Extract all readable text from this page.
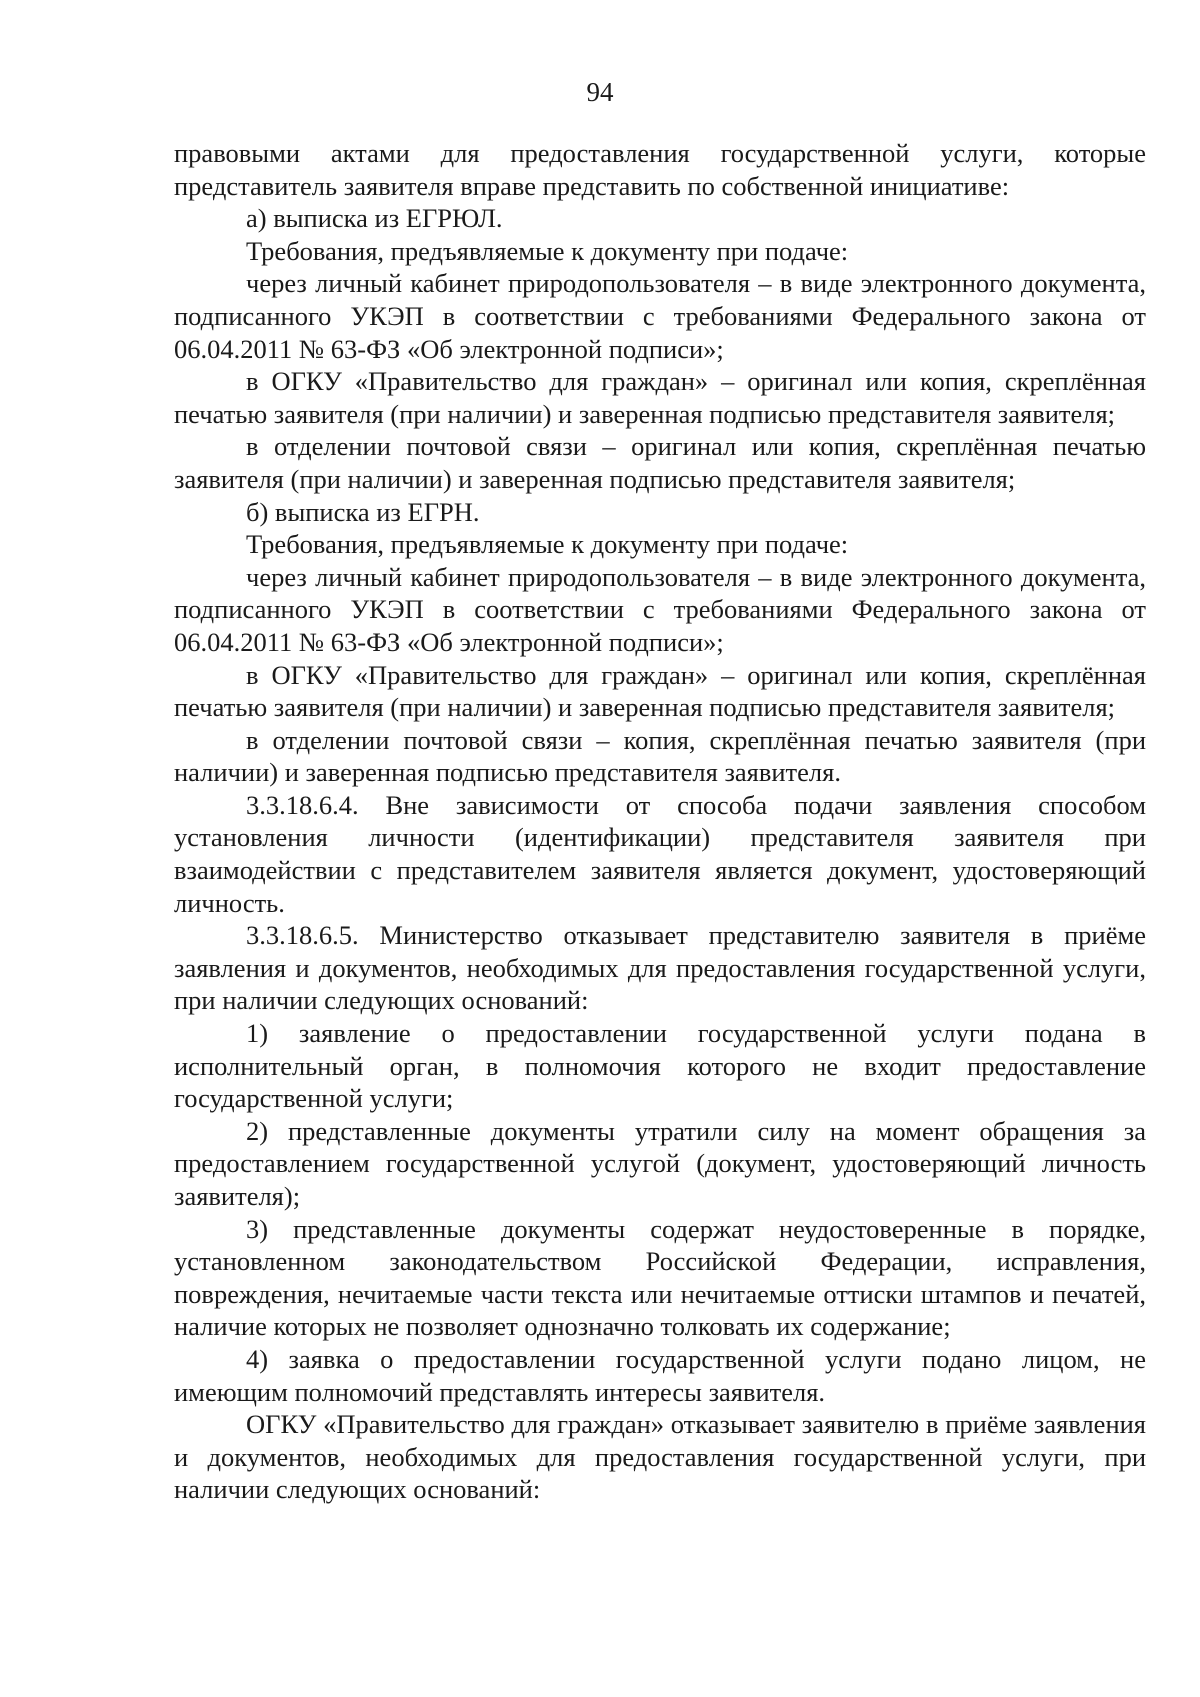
94

правовыми актами для предоставления государственной услуги, которые представитель заявителя вправе представить по собственной инициативе:

а) выписка из ЕГРЮЛ.

Требования, предъявляемые к документу при подаче:

через личный кабинет природопользователя – в виде электронного документа, подписанного УКЭП в соответствии с требованиями Федерального закона от 06.04.2011 № 63-ФЗ «Об электронной подписи»;

в ОГКУ «Правительство для граждан» – оригинал или копия, скреплённая печатью заявителя (при наличии) и заверенная подписью представителя заявителя;

в отделении почтовой связи – оригинал или копия, скреплённая печатью заявителя (при наличии) и заверенная подписью представителя заявителя;

б) выписка из ЕГРН.

Требования, предъявляемые к документу при подаче:

через личный кабинет природопользователя – в виде электронного документа, подписанного УКЭП в соответствии с требованиями Федерального закона от 06.04.2011 № 63-ФЗ «Об электронной подписи»;

в ОГКУ «Правительство для граждан» – оригинал или копия, скреплённая печатью заявителя (при наличии) и заверенная подписью представителя заявителя;

в отделении почтовой связи – копия, скреплённая печатью заявителя (при наличии) и заверенная подписью представителя заявителя.

3.3.18.6.4. Вне зависимости от способа подачи заявления способом установления личности (идентификации) представителя заявителя при взаимодействии с представителем заявителя является документ, удостоверяющий личность.

3.3.18.6.5. Министерство отказывает представителю заявителя в приёме заявления и документов, необходимых для предоставления государственной услуги, при наличии следующих оснований:

1) заявление о предоставлении государственной услуги подана в исполнительный орган, в полномочия которого не входит предоставление государственной услуги;

2) представленные документы утратили силу на момент обращения за предоставлением государственной услугой (документ, удостоверяющий личность заявителя);

3) представленные документы содержат неудостоверенные в порядке, установленном законодательством Российской Федерации, исправления, повреждения, нечитаемые части текста или нечитаемые оттиски штампов и печатей, наличие которых не позволяет однозначно толковать их содержание;

4) заявка о предоставлении государственной услуги подано лицом, не имеющим полномочий представлять интересы заявителя.

ОГКУ «Правительство для граждан» отказывает заявителю в приёме заявления и документов, необходимых для предоставления государственной услуги, при наличии следующих оснований:
